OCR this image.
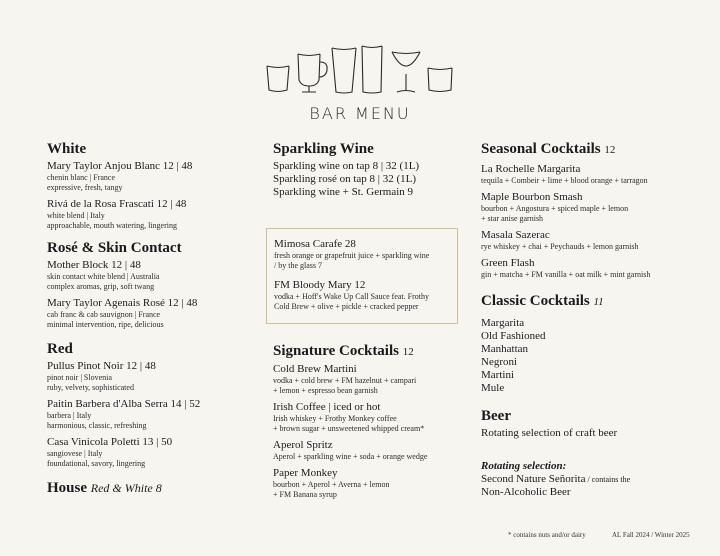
BAR MENU
White
Mary Taylor Anjou Blanc 12 | 48
chenin blanc | France
expressive, fresh, tangy
Rivá de la Rosa Frascati 12 | 48
white blend | Italy
approachable, mouth watering, lingering
Rosé & Skin Contact
Mother Block 12 | 48
skin contact white blend | Australia
complex aromas, grip, soft twang
Mary Taylor Agenais Rosé 12 | 48
cab franc & cab sauvignon | France
minimal intervention, ripe, delicious
Red
Pullus Pinot Noir 12 | 48
pinot noir | Slovenia
ruby, velvety, sophisticated
Paitin Barbera d'Alba Serra 14 | 52
barbera | Italy
harmonious, classic, refreshing
Casa Vinicola Poletti 13 | 50
sangiovese | Italy
foundational, savory, lingering
House Red & White 8
Sparkling Wine
Sparkling wine on tap 8 | 32 (1L)
Sparkling rosé on tap 8 | 32 (1L)
Sparkling wine + St. Germain 9
Mimosa Carafe 28
fresh orange or grapefruit juice + sparkling wine
/ by the glass 7
FM Bloody Mary 12
vodka + Hoff's Wake Up Call Sauce feat. Frothy
Cold Brew + olive + pickle + cracked pepper
Signature Cocktails 12
Cold Brew Martini
vodka + cold brew + FM hazelnut + campari
+ lemon + espresso bean garnish
Irish Coffee | iced or hot
Irish whiskey + Frothy Monkey coffee
+ brown sugar + unsweetened whipped cream*
Aperol Spritz
Aperol + sparkling wine + soda + orange wedge
Paper Monkey
bourbon + Aperol + Averna + lemon
+ FM Banana syrup
Seasonal Cocktails 12
La Rochelle Margarita
tequila + Combeir + lime + blood orange + tarragon
Maple Bourbon Smash
bourbon + Angostura + spiced maple + lemon
+ star anise garnish
Masala Sazerac
rye whiskey + chai + Peychauds + lemon garnish
Green Flash
gin + matcha + FM vanilla + oat milk + mint garnish
Classic Cocktails 11
Margarita
Old Fashioned
Manhattan
Negroni
Martini
Mule
Beer
Rotating selection of craft beer
Rotating selection:
Second Nature Señorita / contains the
Non-Alcoholic Beer
* contains nuts and/or dairy	AL Fall 2024 / Winter 2025
